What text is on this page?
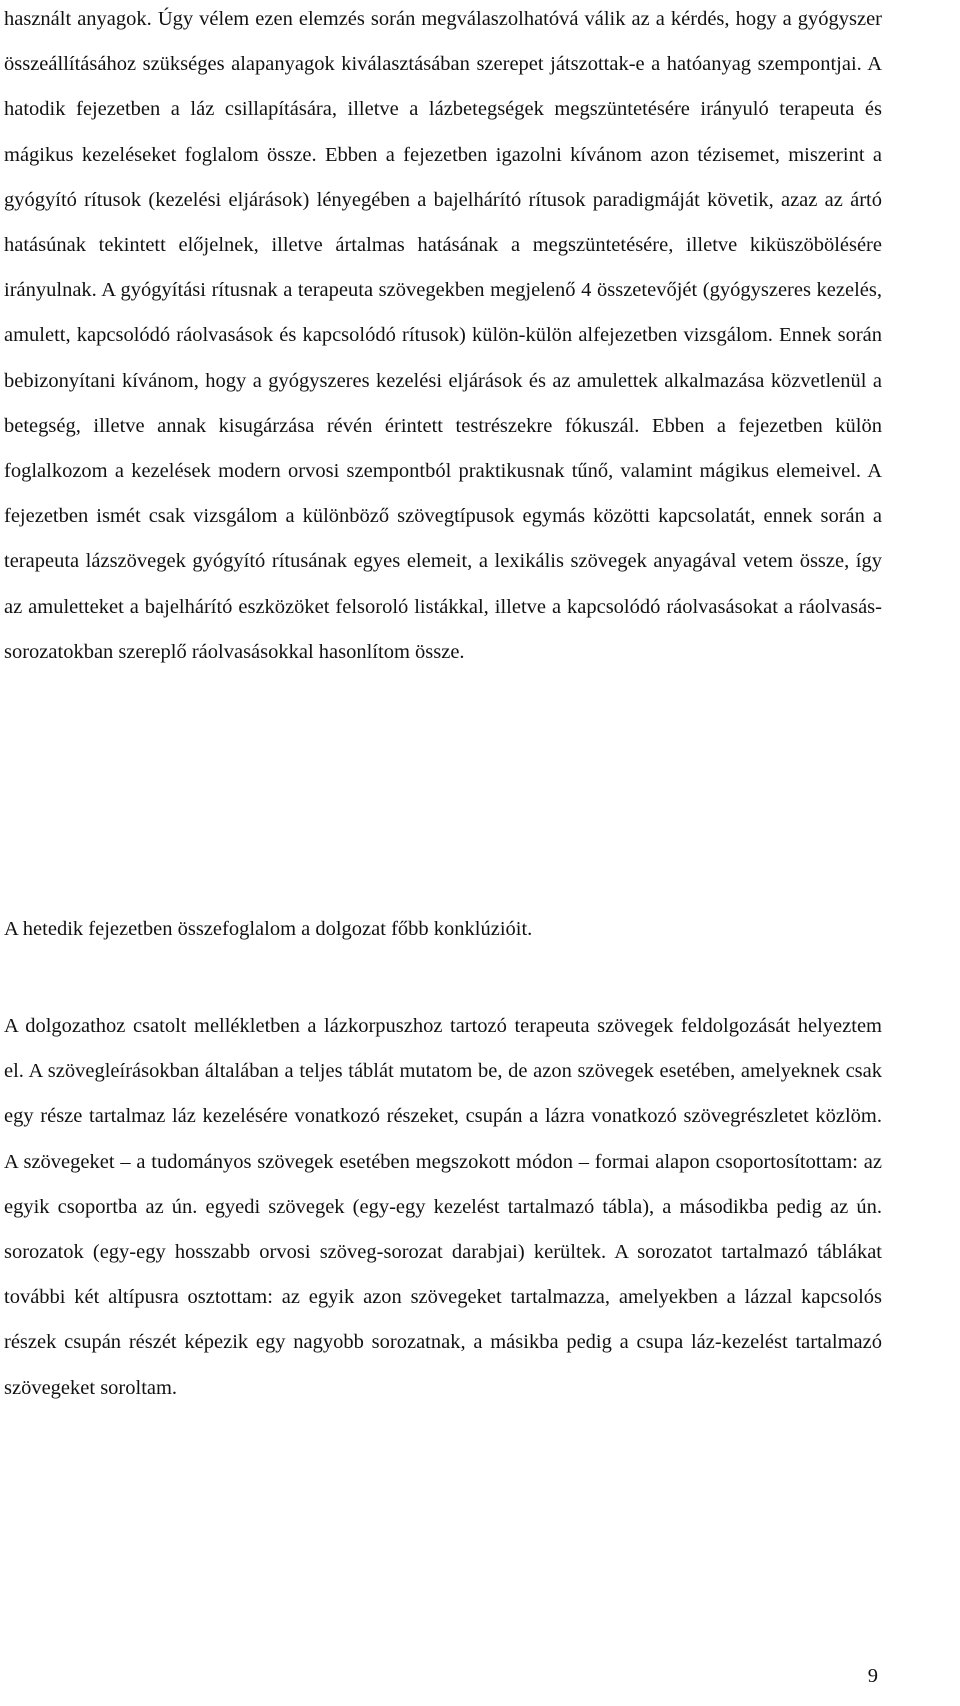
használt anyagok. Úgy vélem ezen elemzés során megválaszolhatóvá válik az a kérdés, hogy a gyógyszer összeállításához szükséges alapanyagok kiválasztásában szerepet játszottak-e a hatóanyag szempontjai. A hatodik fejezetben a láz csillapítására, illetve a lázbetegségek megszüntetésére irányuló terapeuta és mágikus kezeléseket foglalom össze. Ebben a fejezetben igazolni kívánom azon tézisemet, miszerint a gyógyító rítusok (kezelési eljárások) lényegében a bajelhárító rítusok paradigmáját követik, azaz az ártó hatásúnak tekintett előjelnek, illetve ártalmas hatásának a megszüntetésére, illetve kiküszöbölésére irányulnak. A gyógyítási rítusnak a terapeuta szövegekben megjelenő 4 összetevőjét (gyógyszeres kezelés, amulett, kapcsolódó ráolvasások és kapcsolódó rítusok) külön-külön alfejezetben vizsgálom. Ennek során bebizonyítani kívánom, hogy a gyógyszeres kezelési eljárások és az amulettek alkalmazása közvetlenül a betegség, illetve annak kisugárzása révén érintett testrészekre fókuszál. Ebben a fejezetben külön foglalkozom a kezelések modern orvosi szempontból praktikusnak tűnő, valamint mágikus elemeivel. A fejezetben ismét csak vizsgálom a különböző szövegtípusok egymás közötti kapcsolatát, ennek során a terapeuta lázszövegek gyógyító rítusának egyes elemeit, a lexikális szövegek anyagával vetem össze, így az amuletteket a bajelhárító eszközöket felsoroló listákkal, illetve a kapcsolódó ráolvasásokat a ráolvasás-sorozatokban szereplő ráolvasásokkal hasonlítom össze.

A hetedik fejezetben összefoglalom a dolgozat főbb konklúzióit.

A dolgozathoz csatolt mellékletben a lázkorpuszhoz tartozó terapeuta szövegek feldolgozását helyeztem el. A szövegleírásokban általában a teljes táblát mutatom be, de azon szövegek esetében, amelyeknek csak egy része tartalmaz láz kezelésére vonatkozó részeket, csupán a lázra vonatkozó szövegrészletet közlöm. A szövegeket – a tudományos szövegek esetében megszokott módon – formai alapon csoportosítottam: az egyik csoportba az ún. egyedi szövegek (egy-egy kezelést tartalmazó tábla), a másodikba pedig az ún. sorozatok (egy-egy hosszabb orvosi szöveg-sorozat darabjai) kerültek. A sorozatot tartalmazó táblákat további két altípusra osztottam: az egyik azon szövegeket tartalmazza, amelyekben a lázzal kapcsolós részek csupán részét képezik egy nagyobb sorozatnak, a másikba pedig a csupa láz-kezelést tartalmazó szövegeket soroltam.

9
